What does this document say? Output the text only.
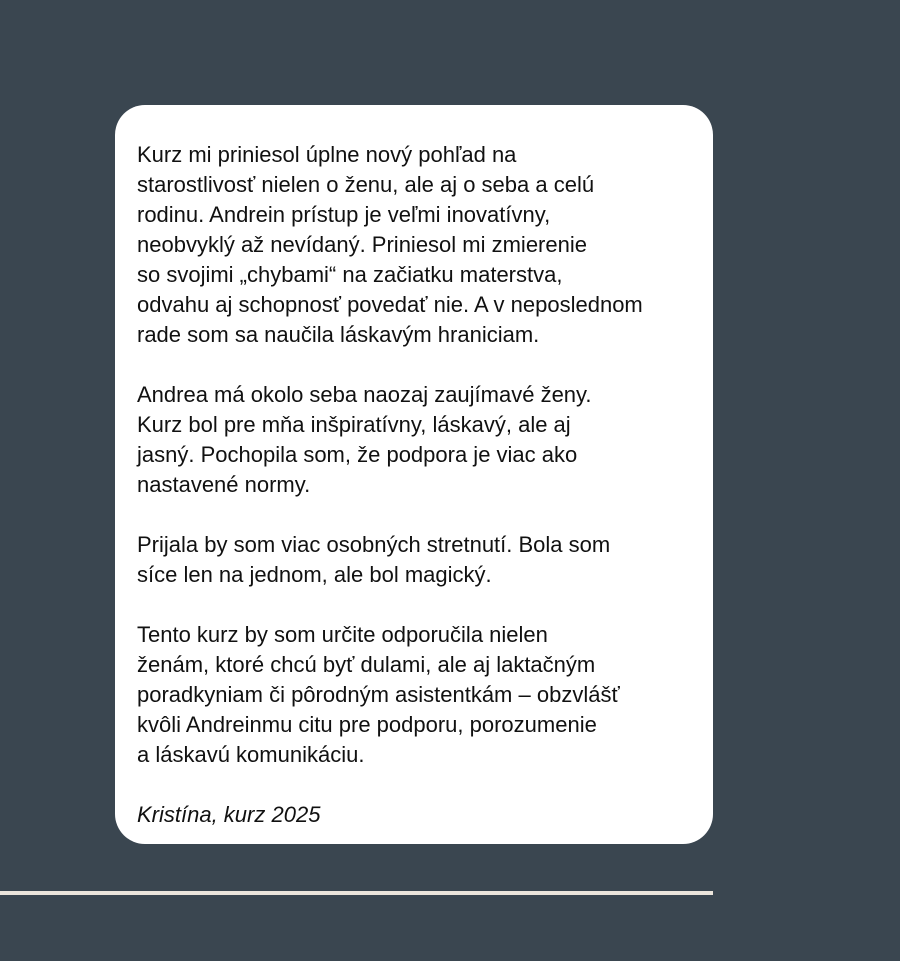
Kurz mi priniesol úplne nový pohľad na
starostlivosť nielen o ženu, ale aj o seba a celú
rodinu. Andrein prístup je veľmi inovatívny,
neobvyklý až nevídaný. Priniesol mi zmierenie
so svojimi „chybami“ na začiatku materstva,
odvahu aj schopnosť povedať nie. A v neposlednom
rade som sa naučila láskavým hraniciam.

Andrea má okolo seba naozaj zaujímavé ženy.
Kurz bol pre mňa inšpiratívny, láskavý, ale aj
jasný. Pochopila som, že podpora je viac ako
nastavené normy.

Prijala by som viac osobných stretnutí. Bola som
síce len na jednom, ale bol magický.

Tento kurz by som určite odporučila nielen
ženám, ktoré chcú byť dulami, ale aj laktačným
poradkyniam či pôrodným asistentkám – obzvlášť
kvôli Andreinmu citu pre podporu, porozumenie
a láskavú komunikáciu.

Kristína, kurz 2025
